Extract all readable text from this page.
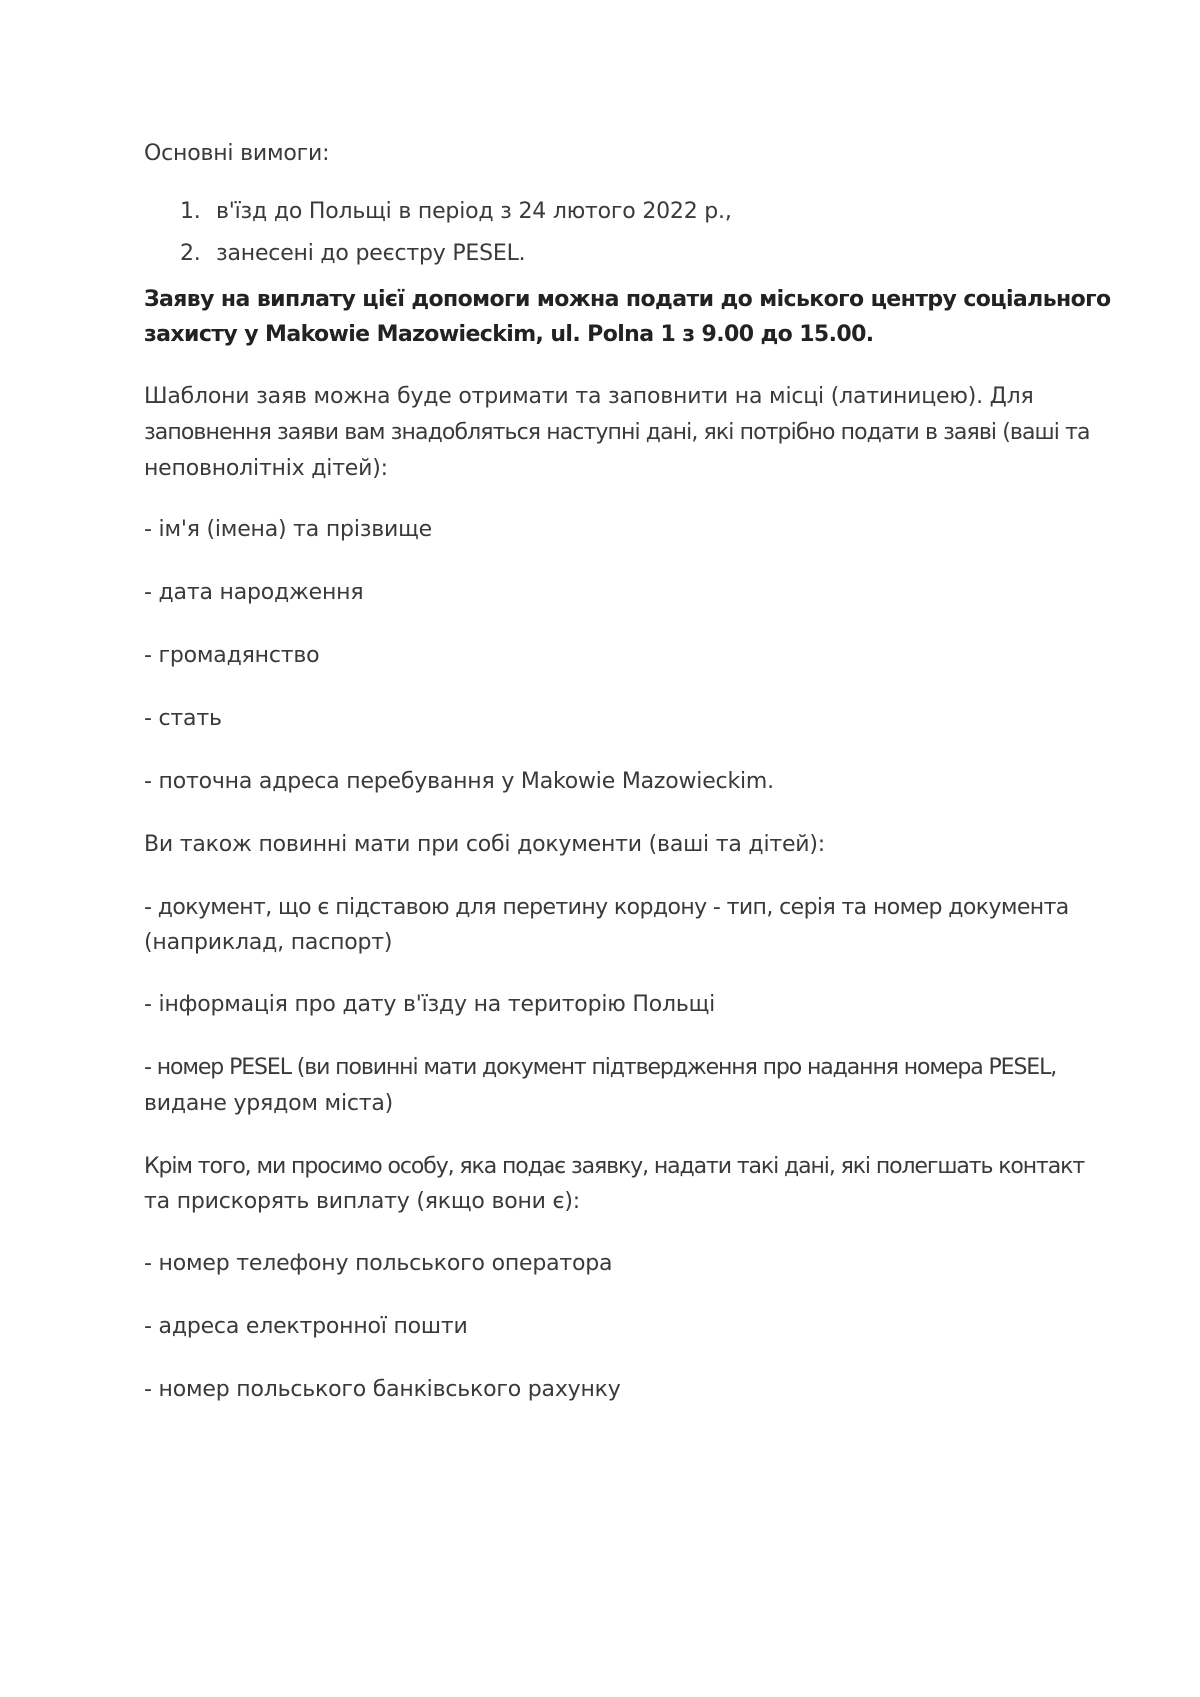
Основні вимоги:

1. в'їзд до Польщі в період з 24 лютого 2022 р.,
2. занесені до реєстру PESEL.

Заяву на виплату цієї допомоги можна подати до міського центру соціального

захисту у Makowie Mazowieckim, ul. Polna 1 з 9.00 до 15.00.

Шаблони заяв можна буде отримати та заповнити на місці (латиницею). Для

заповнення заяви вам знадобляться наступні дані, які потрібно подати в заяві (ваші та

неповнолітніх дітей):

- ім'я (імена) та прізвище

- дата народження

- громадянство

- стать

- поточна адреса перебування у Makowie Mazowieckim.

Ви також повинні мати при собі документи (ваші та дітей):

- документ, що є підставою для перетину кордону - тип, серія та номер документа

(наприклад, паспорт)

- інформація про дату в'їзду на територію Польщі

- номер PESEL (ви повинні мати документ підтвердження про надання номера PESEL,

видане урядом міста)

Крім того, ми просимо особу, яка подає заявку, надати такі дані, які полегшать контакт

та прискорять виплату (якщо вони є):

- номер телефону польського оператора

- адреса електронної пошти

- номер польського банківського рахунку
